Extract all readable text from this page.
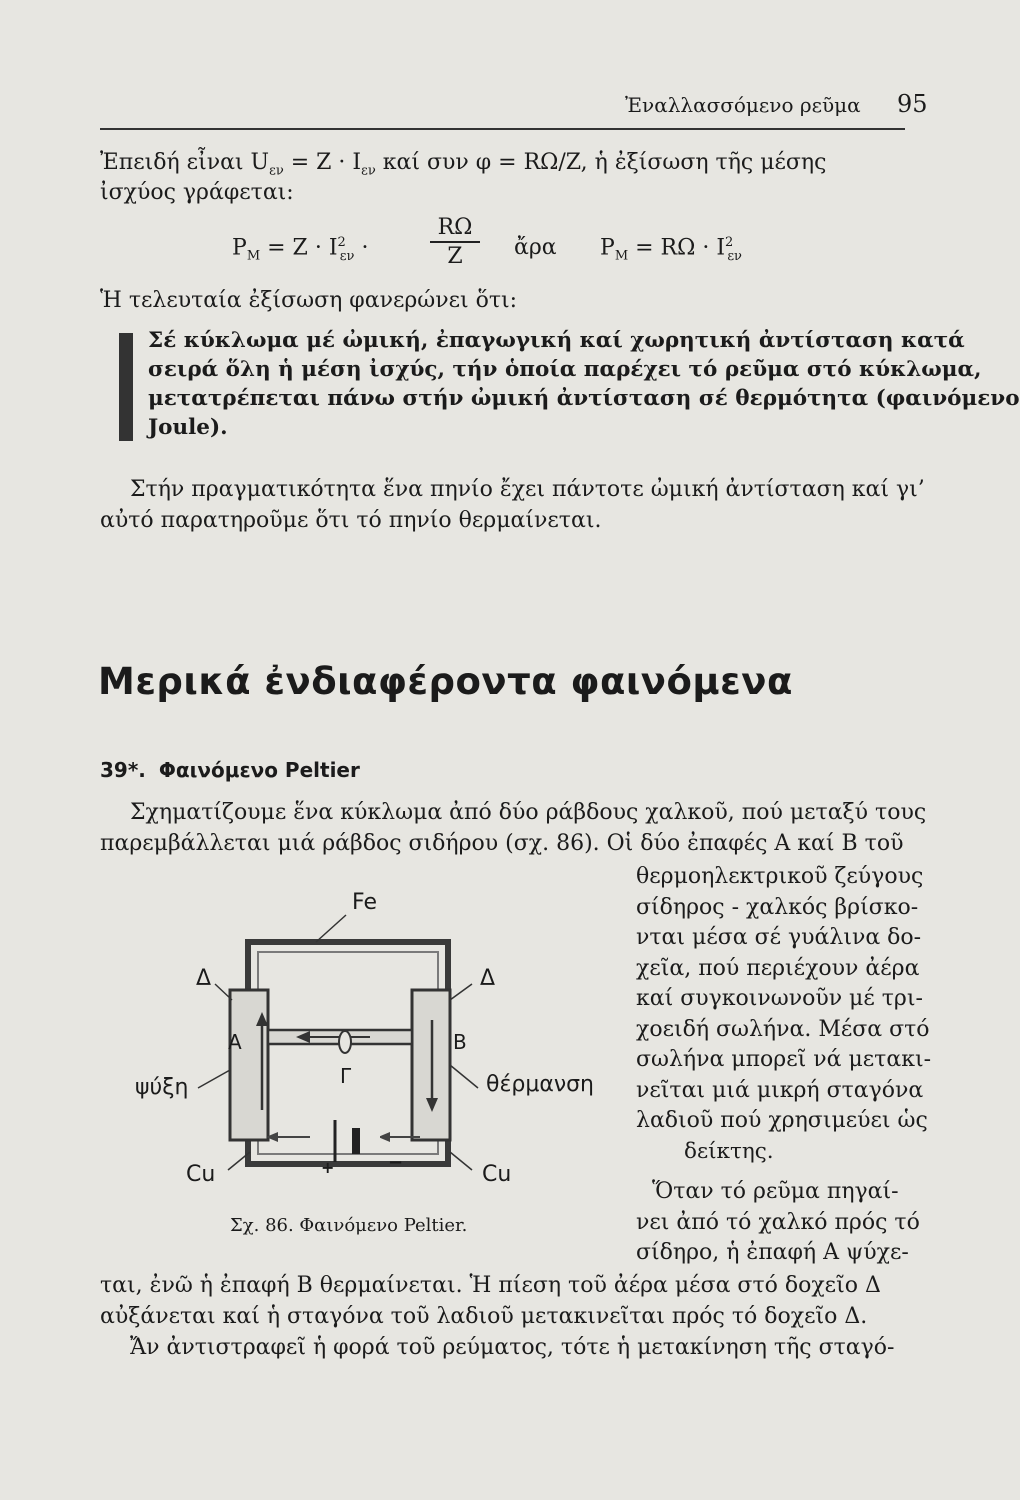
Ἐναλλασσόμενο ρεῦμα 95
Ἐπειδή εἶναι $U_{\varepsilon\nu} = Z \cdot I_{\varepsilon\nu}$ καί συν φ = RΩ/Z, ἡ ἐξίσωση τῆς μέσης
ἰσχύος γράφεται:
$P_M = Z \cdot I^2_{\varepsilon\nu}$ ·
RΩ
Z	ἄρα $P_M = R\Omega \cdot I^2_{\varepsilon\nu}$
Ἡ τελευταία ἐξίσωση φανερώνει ὅτι:
Σέ κύκλωμα μέ ὠμική, ἐπαγωγική καί χωρητική ἀντίσταση κατά
σειρά ὅλη ἡ μέση ἰσχύς, τήν ὁποία παρέχει τό ρεῦμα στό κύκλωμα,
μετατρέπεται πάνω στήν ὠμική ἀντίσταση σέ θερμότητα (φαινόμενο
Joule).
Στήν πραγματικότητα ἕνα πηνίο ἔχει πάντοτε ὠμική ἀντίσταση καί γι’
αὐτό παρατηροῦμε ὅτι τό πηνίο θερμαίνεται.
Μερικά ἐνδιαφέροντα φαινόμενα
39*. Φαινόμενο Peltier
Σχηματίζουμε ἕνα κύκλωμα ἀπό δύο ράβδους χαλκοῦ, πού μεταξύ τους
παρεμβάλλεται μιά ράβδος σιδήρου (σχ. 86). Οἱ δύο ἐπαφές Α καί Β τοῦ
θερμοηλεκτρικοῦ ζεύγους
σίδηρος - χαλκός βρίσκο-
νται μέσα σέ γυάλινα δο-
χεῖα, πού περιέχουν ἀέρα
καί συγκοινωνοῦν μέ τρι-
χοειδή σωλήνα. Μέσα στό
σωλήνα μπορεῖ νά μετακι-
νεῖται μιά μικρή σταγόνα
λαδιοῦ πού χρησιμεύει ὡς
δείκτης.
Ὅταν τό ρεῦμα πηγαί-
νει ἀπό τό χαλκό πρός τό
σίδηρο, ἡ ἐπαφή Α ψύχε-
ται, ἐνῶ ἡ ἐπαφή Β θερμαίνεται. Ἡ πίεση τοῦ ἀέρα μέσα στό δοχεῖο Δ
αὐξάνεται καί ἡ σταγόνα τοῦ λαδιοῦ μετακινεῖται πρός τό δοχεῖο Δ.
Ἄν ἀντιστραφεῖ ἡ φορά τοῦ ρεύματος, τότε ἡ μετακίνηση τῆς σταγό-
Fe
Δ	Δ
A	B
Γ
ψύξη	θέρμανση
Cu	Cu
+	−
Σχ. 86. Φαινόμενο Peltier.
